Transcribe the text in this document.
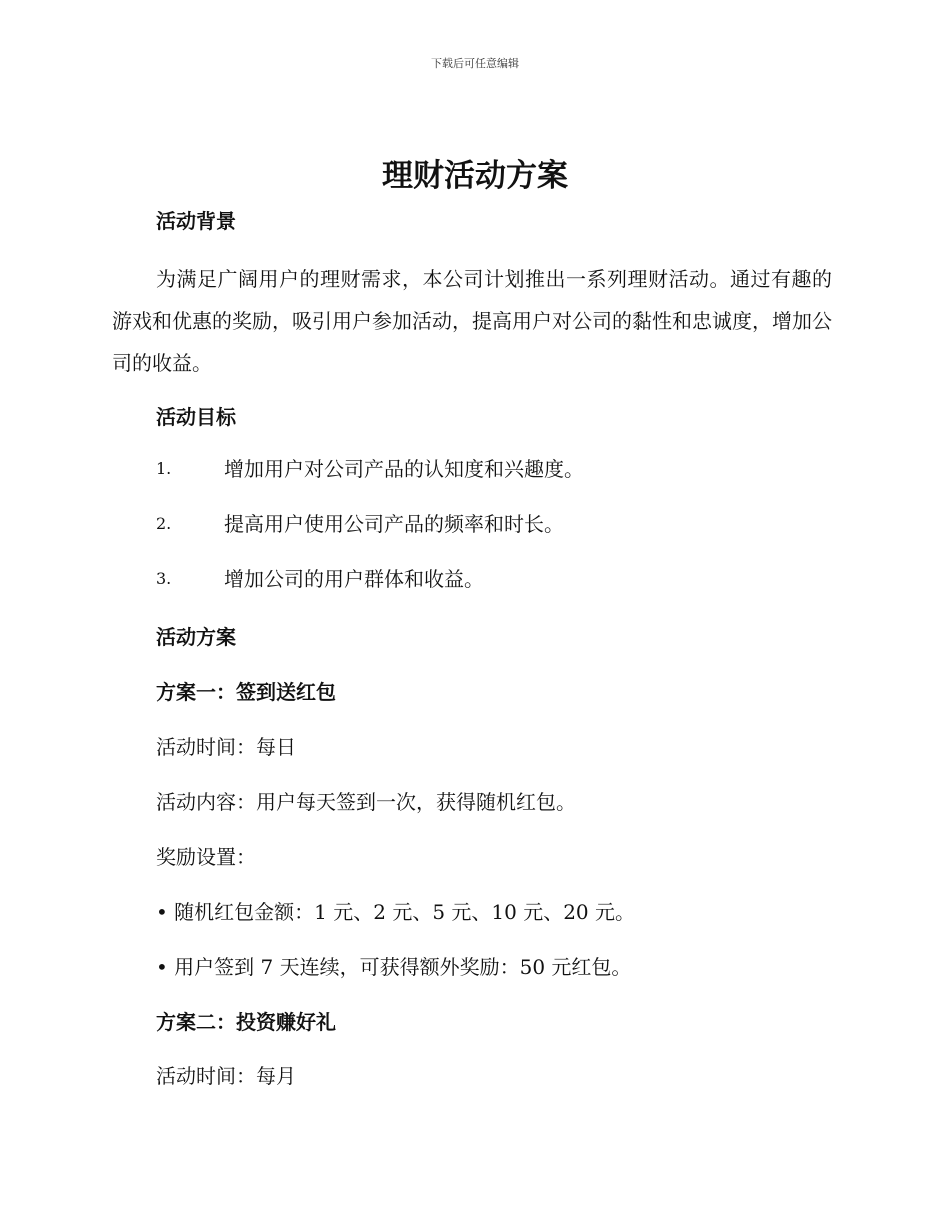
下载后可任意编辑
理财活动方案
活动背景

为满足广阔用户的理财需求，本公司计划推出一系列理财活动。通过有趣的游戏和优惠的奖励，吸引用户参加活动，提高用户对公司的黏性和忠诚度，增加公司的收益。

活动目标
1.	增加用户对公司产品的认知度和兴趣度。
2.	提高用户使用公司产品的频率和时长。
3.	增加公司的用户群体和收益。
活动方案
方案一：签到送红包

活动时间：每日

活动内容：用户每天签到一次，获得随机红包。

奖励设置：

• 随机红包金额：1 元、2 元、5 元、10 元、20 元。

• 用户签到 7 天连续，可获得额外奖励：50 元红包。

方案二：投资赚好礼

活动时间：每月
